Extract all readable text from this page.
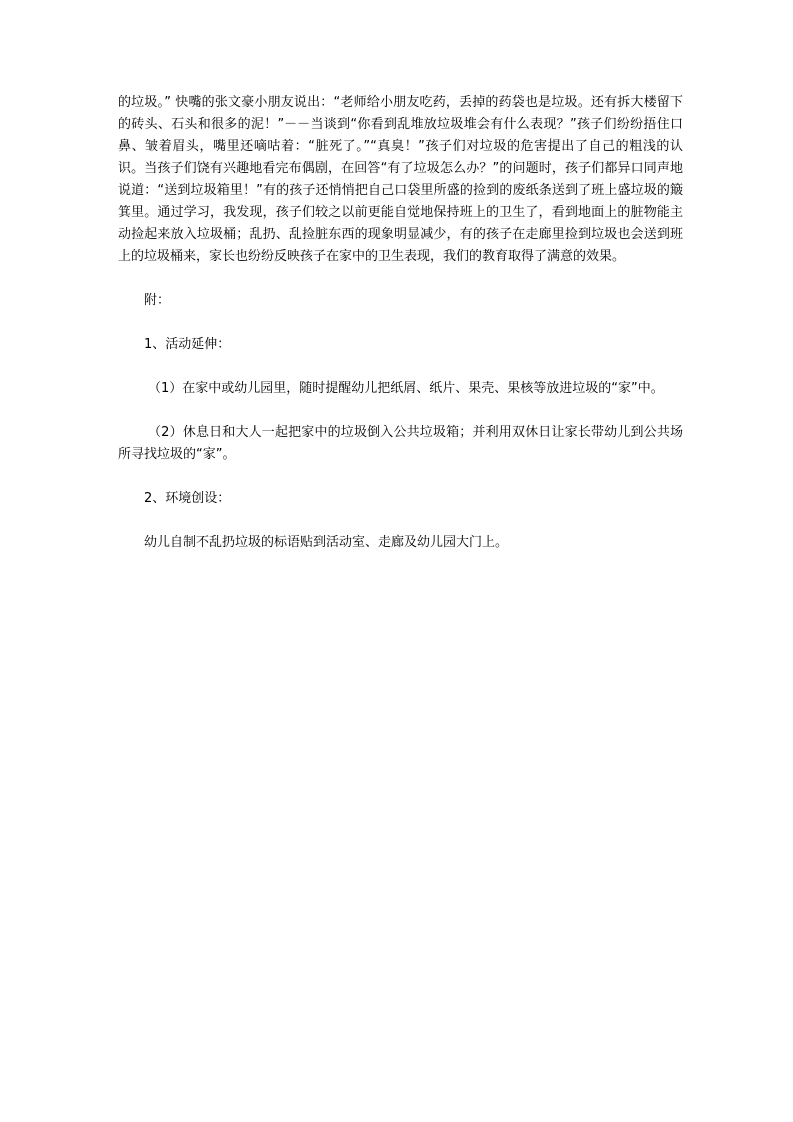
的垃圾。” 快嘴的张文豪小朋友说出：“老师给小朋友吃药，丢掉的药袋也是垃圾。还有拆大楼留下的砖头、石头和很多的泥！”－－当谈到“你看到乱堆放垃圾堆会有什么表现？”孩子们纷纷捂住口鼻、皱着眉头，嘴里还嘀咕着：“脏死了。”“真臭！”孩子们对垃圾的危害提出了自己的粗浅的认识。当孩子们饶有兴趣地看完布偶剧，在回答“有了垃圾怎么办？”的问题时，孩子们都异口同声地说道：“送到垃圾箱里！”有的孩子还悄悄把自己口袋里所盛的捡到的废纸条送到了班上盛垃圾的簸箕里。通过学习，我发现，孩子们较之以前更能自觉地保持班上的卫生了，看到地面上的脏物能主动捡起来放入垃圾桶；乱扔、乱捡脏东西的现象明显减少，有的孩子在走廊里捡到垃圾也会送到班上的垃圾桶来，家长也纷纷反映孩子在家中的卫生表现，我们的教育取得了满意的效果。

附：

1、活动延伸：

（1）在家中或幼儿园里，随时提醒幼儿把纸屑、纸片、果壳、果核等放进垃圾的“家”中。

（2）休息日和大人一起把家中的垃圾倒入公共垃圾箱；并利用双休日让家长带幼儿到公共场所寻找垃圾的“家”。

2、环境创设：

幼儿自制不乱扔垃圾的标语贴到活动室、走廊及幼儿园大门上。
